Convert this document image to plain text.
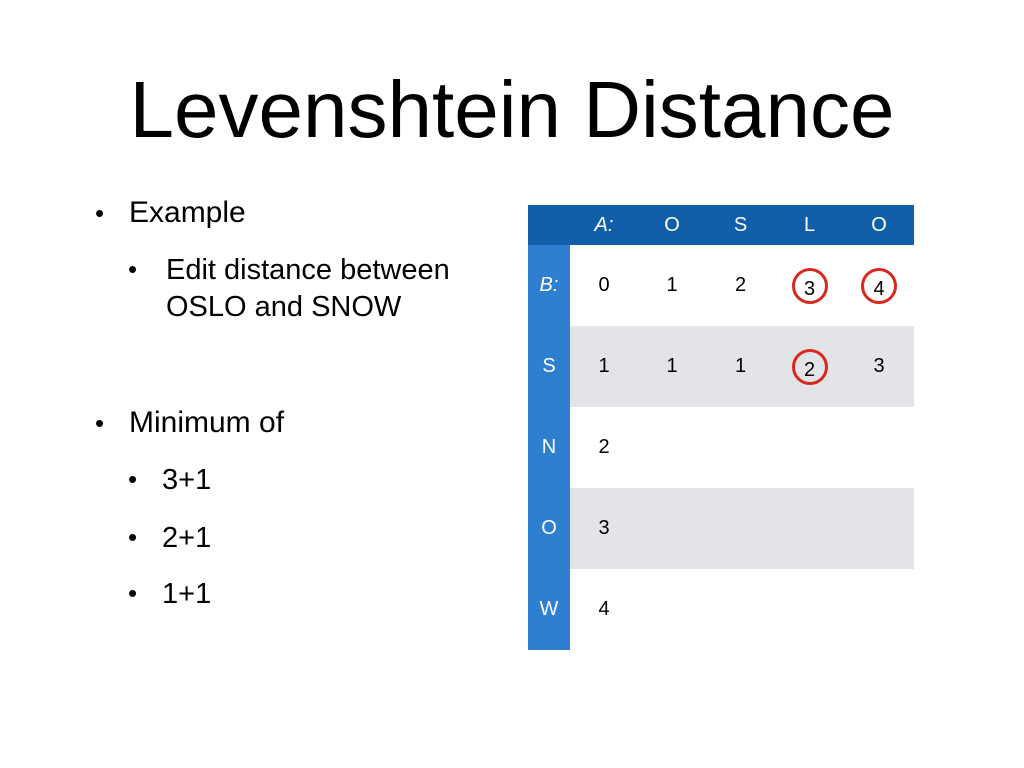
Levenshtein Distance
• Example
• Edit distance between OSLO and SNOW
• Minimum of
• 3+1
• 2+1
• 1+1
	A:	O	S	L	O
B:	0	1	2	3	4
S	1	1	1	2	3
N	2				
O	3				
W	4				
